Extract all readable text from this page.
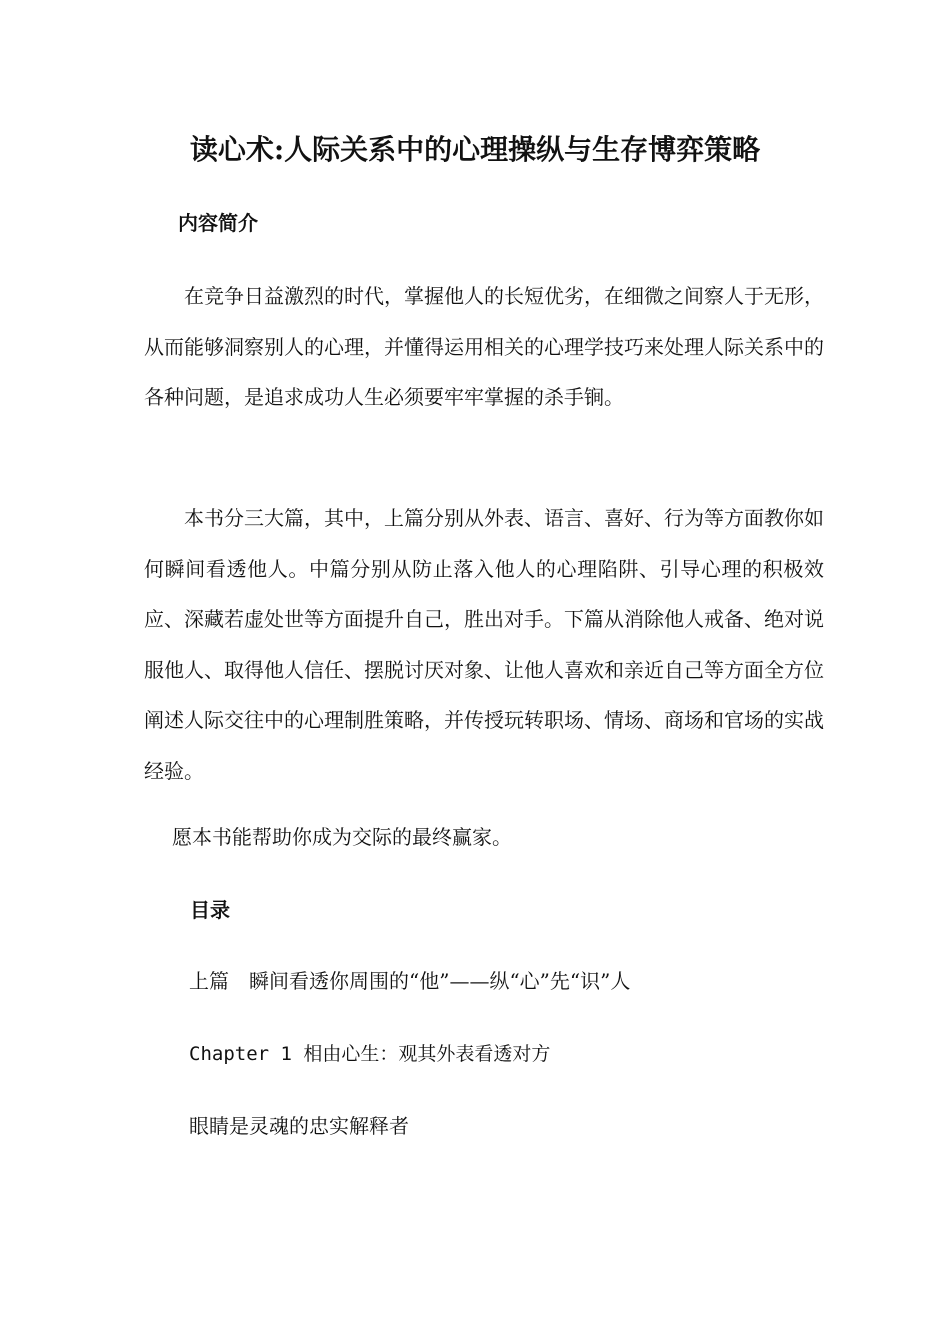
读心术:人际关系中的心理操纵与生存博弈策略
内容简介

在竞争日益激烈的时代，掌握他人的长短优劣，在细微之间察人于无形，从而能够洞察别人的心理，并懂得运用相关的心理学技巧来处理人际关系中的各种问题，是追求成功人生必须要牢牢掌握的杀手锏。

本书分三大篇，其中，上篇分别从外表、语言、喜好、行为等方面教你如何瞬间看透他人。中篇分别从防止落入他人的心理陷阱、引导心理的积极效应、深藏若虚处世等方面提升自己，胜出对手。下篇从消除他人戒备、绝对说服他人、取得他人信任、摆脱讨厌对象、让他人喜欢和亲近自己等方面全方位阐述人际交往中的心理制胜策略，并传授玩转职场、情场、商场和官场的实战经验。

愿本书能帮助你成为交际的最终赢家。

目录

上篇　瞬间看透你周围的“他”——纵“心”先“识”人

Chapter 1 相由心生：观其外表看透对方

眼睛是灵魂的忠实解释者
